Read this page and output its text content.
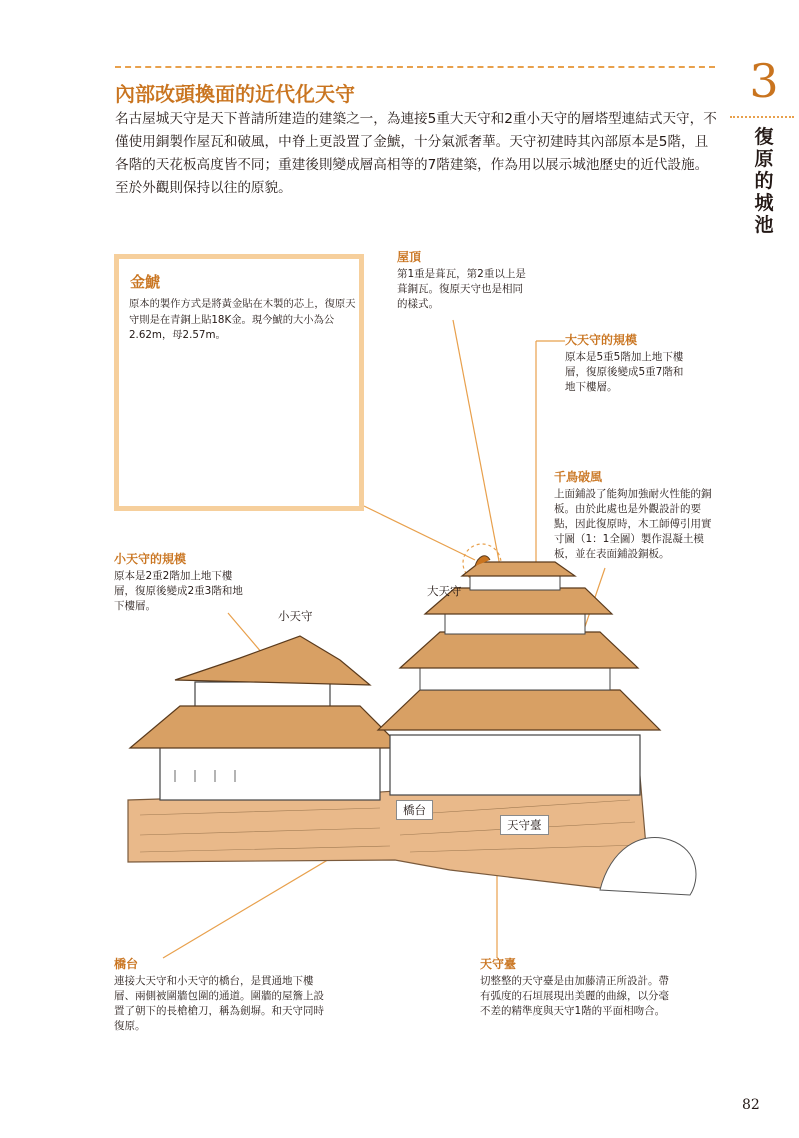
3
復原的城池
內部改頭換面的近代化天守

名古屋城天守是天下普請所建造的建築之一，為連接5重大天守和2重小天守的層塔型連結式天守，不僅使用銅製作屋瓦和破風，中脊上更設置了金鯱，十分氣派奢華。天守初建時其內部原本是5階，且各階的天花板高度皆不同；重建後則變成層高相等的7階建築，作為用以展示城池歷史的近代設施。至於外觀則保持以往的原貌。

金鯱

原本的製作方式是將黃金貼在木製的芯上，復原天守則是在青銅上貼18K金。現今鯱的大小為公2.62m，母2.57m。

屋頂

第1重是葺瓦，第2重以上是葺銅瓦。復原天守也是相同的樣式。

大天守的規模

原本是5重5階加上地下樓層，復原後變成5重7階和地下樓層。

千鳥破風

上面鋪設了能夠加強耐火性能的銅板。由於此處也是外觀設計的要點，因此復原時，木工師傅引用實寸圖（1：1全圖）製作混凝土模板，並在表面鋪設銅板。

小天守的規模

原本是2重2階加上地下樓層，復原後變成2重3階和地下樓層。

橋台

連接大天守和小天守的橋台，是貫通地下樓層、兩側被圍牆包圍的通道。圍牆的屋簷上設置了朝下的長槍槍刀，稱為劍塀。和天守同時復原。

天守臺

切整整的天守臺是由加藤清正所設計。帶有弧度的石垣展現出美麗的曲線，以分毫不差的精準度與天守1階的平面相吻合。

大天守
小天守
橋台
天守臺
82
